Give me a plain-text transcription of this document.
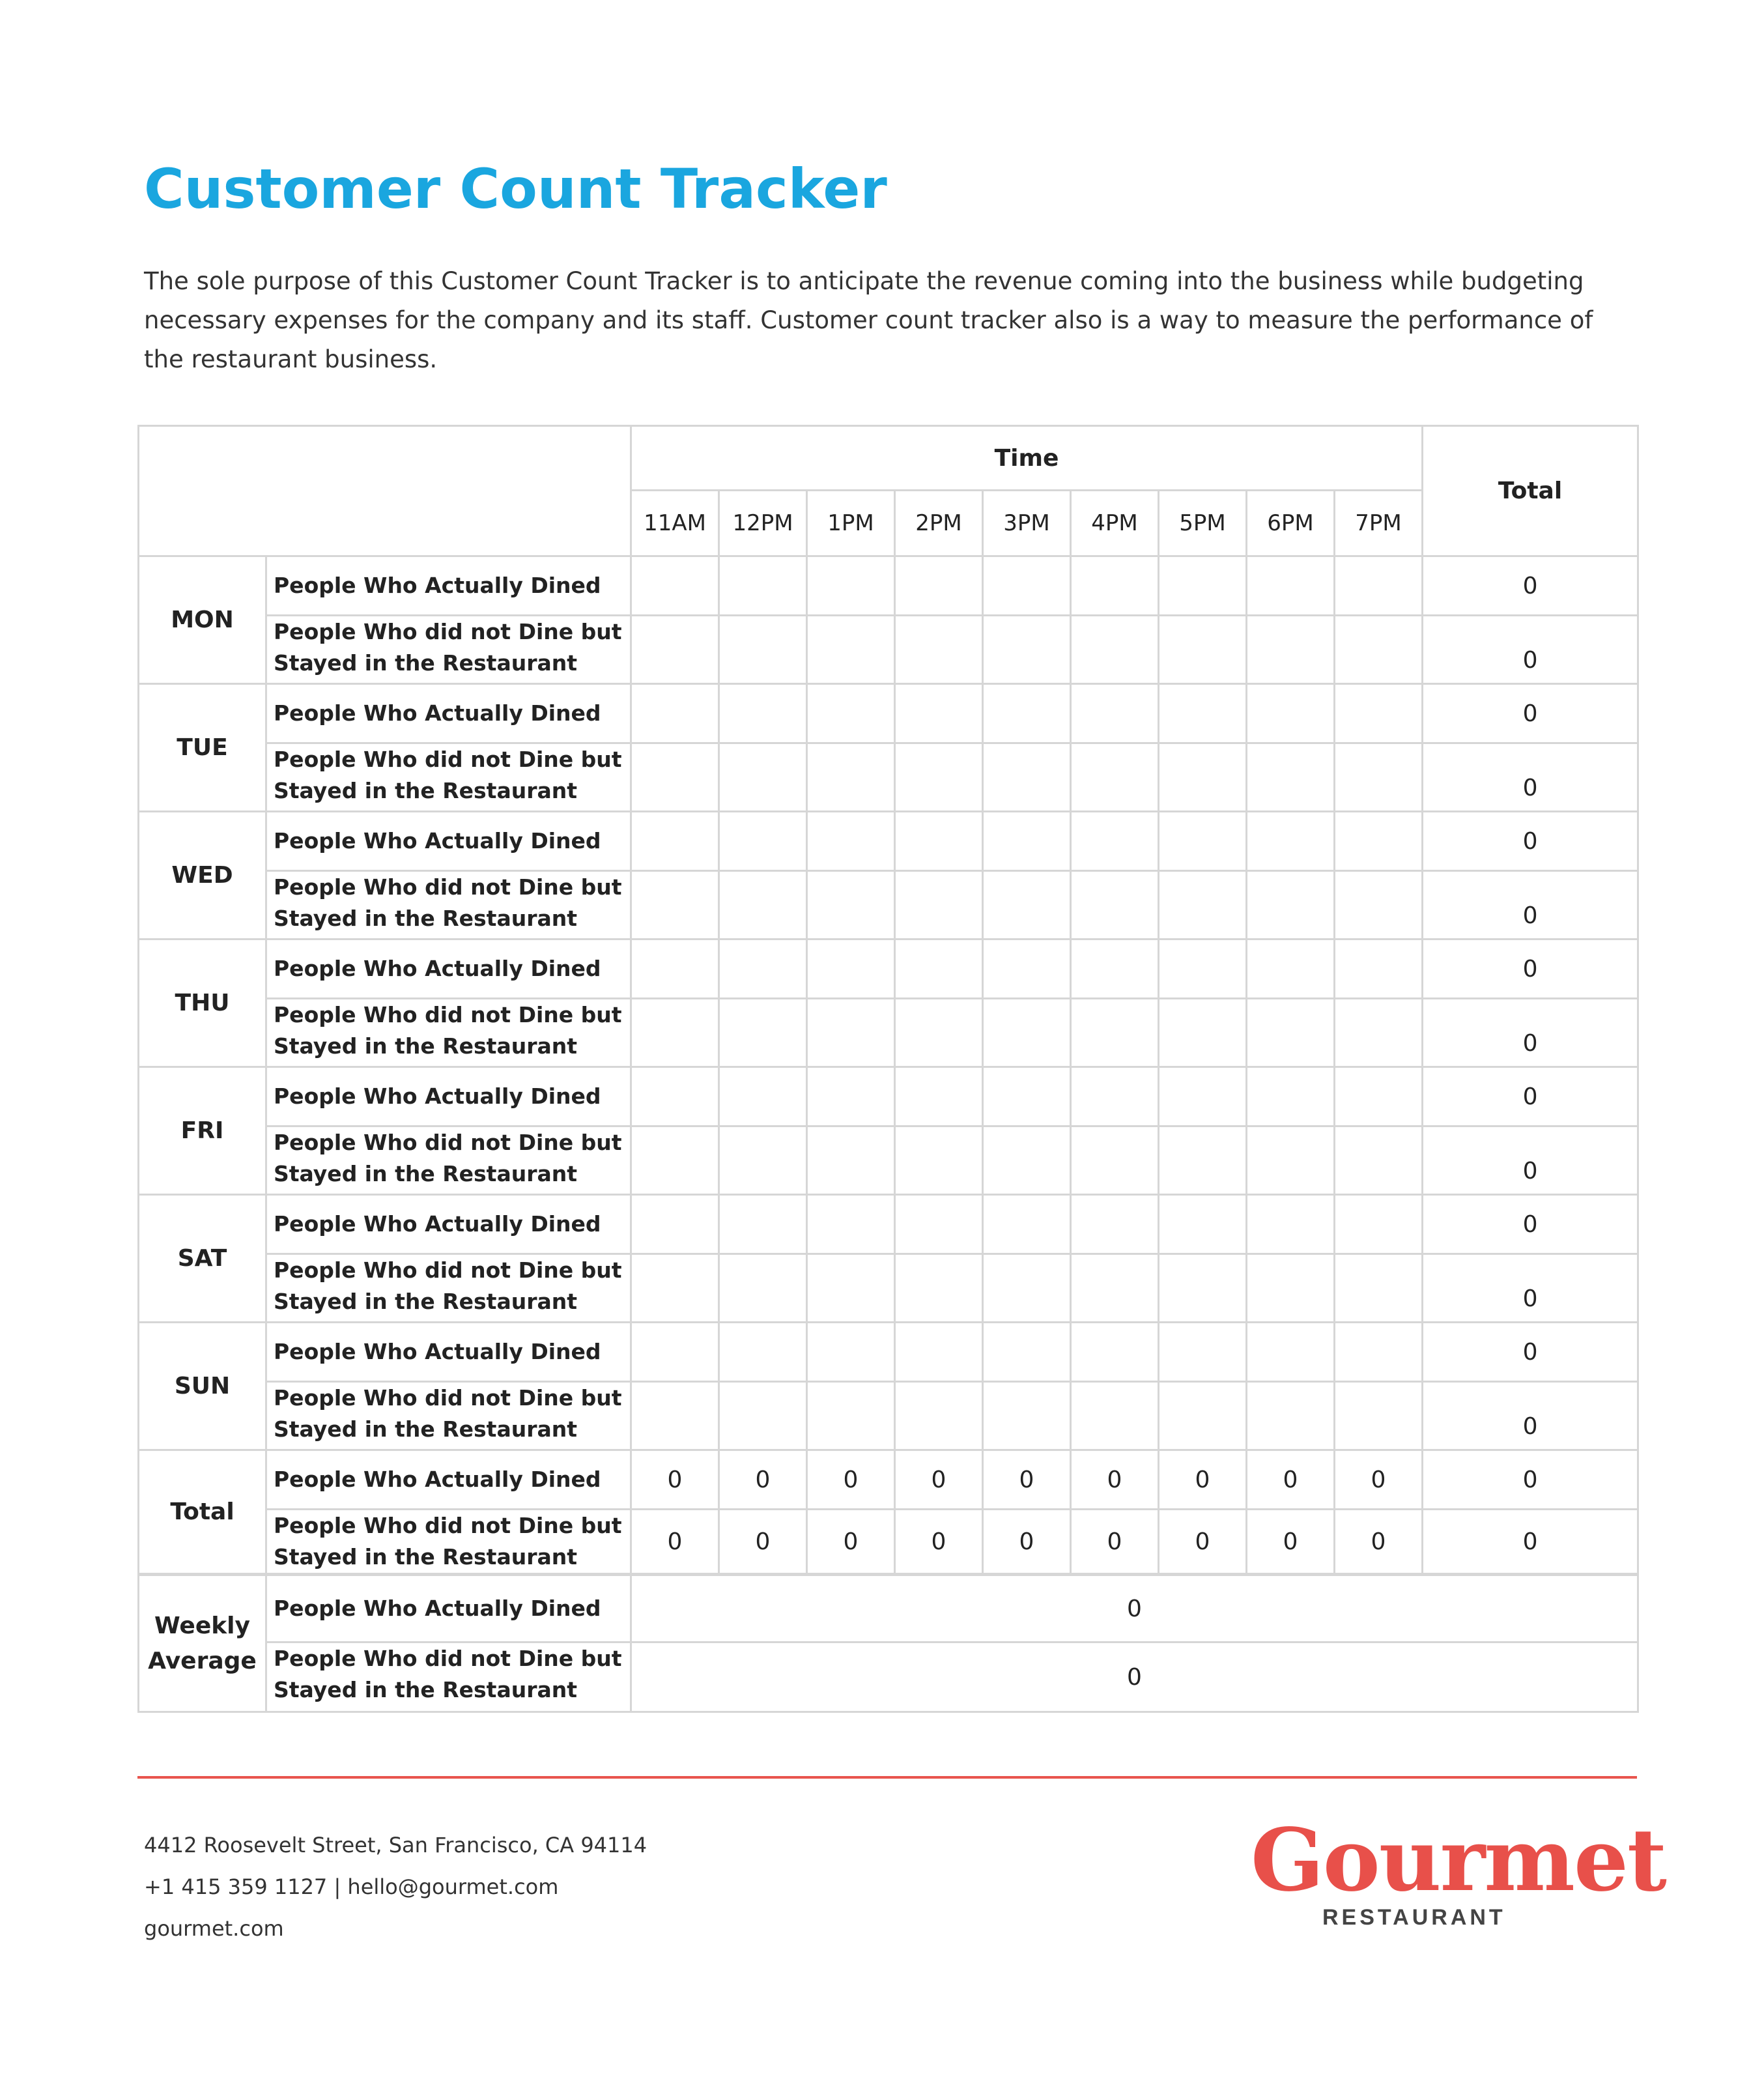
Customer Count Tracker

The sole purpose of this Customer Count Tracker is to anticipate the revenue coming into the business while budgeting necessary expenses for the company and its staff. Customer count tracker also is a way to measure the performance of the restaurant business.

		Time									Total
		11AM	12PM	1PM	2PM	3PM	4PM	5PM	6PM	7PM	
MON	People Who Actually Dined										0
	People Who did not Dine but
Stayed in the Restaurant										0
TUE	People Who Actually Dined										0
	People Who did not Dine but
Stayed in the Restaurant										0
WED	People Who Actually Dined										0
	People Who did not Dine but
Stayed in the Restaurant										0
THU	People Who Actually Dined										0
	People Who did not Dine but
Stayed in the Restaurant										0
FRI	People Who Actually Dined										0
	People Who did not Dine but
Stayed in the Restaurant										0
SAT	People Who Actually Dined										0
	People Who did not Dine but
Stayed in the Restaurant										0
SUN	People Who Actually Dined										0
	People Who did not Dine but
Stayed in the Restaurant										0
Total	People Who Actually Dined	0	0	0	0	0	0	0	0	0	0
	People Who did not Dine but
Stayed in the Restaurant	0	0	0	0	0	0	0	0	0	0
Weekly
Average	People Who Actually Dined	0
	People Who did not Dine but
Stayed in the Restaurant	0
4412 Roosevelt Street, San Francisco, CA 94114
+1 415 359 1127 | hello@gourmet.com
gourmet.com
Gourmet
RESTAURANT
